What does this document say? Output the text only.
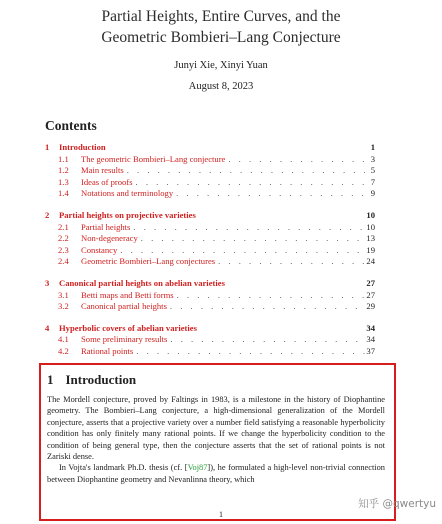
Partial Heights, Entire Curves, and the
Geometric Bombieri–Lang Conjecture
Junyi Xie, Xinyi Yuan
August 8, 2023
Contents
1	Introduction	1
1.1	The geometric Bombieri–Lang conjecture . . .	3
1.2	Main results . . .	5
1.3	Ideas of proofs . . .	7
1.4	Notations and terminology . . .	9
2	Partial heights on projective varieties	10
2.1	Partial heights . . .	10
2.2	Non-degeneracy . . .	13
2.3	Constancy . . .	19
2.4	Geometric Bombieri–Lang conjectures . . .	24
3	Canonical partial heights on abelian varieties	27
3.1	Betti maps and Betti forms . . .	27
3.2	Canonical partial heights . . .	29
4	Hyperbolic covers of abelian varieties	34
4.1	Some preliminary results . . .	34
4.2	Rational points . . .	37
1 Introduction

The Mordell conjecture, proved by Faltings in 1983, is a milestone in the history of Diophantine geometry. The Bombieri–Lang conjecture, a high-dimensional generalization of the Mordell conjecture, asserts that a projective variety over a number field satisfying a reasonable hyperbolicity condition has only finitely many rational points. If we change the hyperbolicity condition to the condition of being general type, then the conjecture asserts that the set of rational points is not Zariski dense.

In Vojta's landmark Ph.D. thesis (cf. [Voj87]), he formulated a high-level non-trivial connection between Diophantine geometry and Nevanlinna theory, which

1
知乎 @qwertyu
